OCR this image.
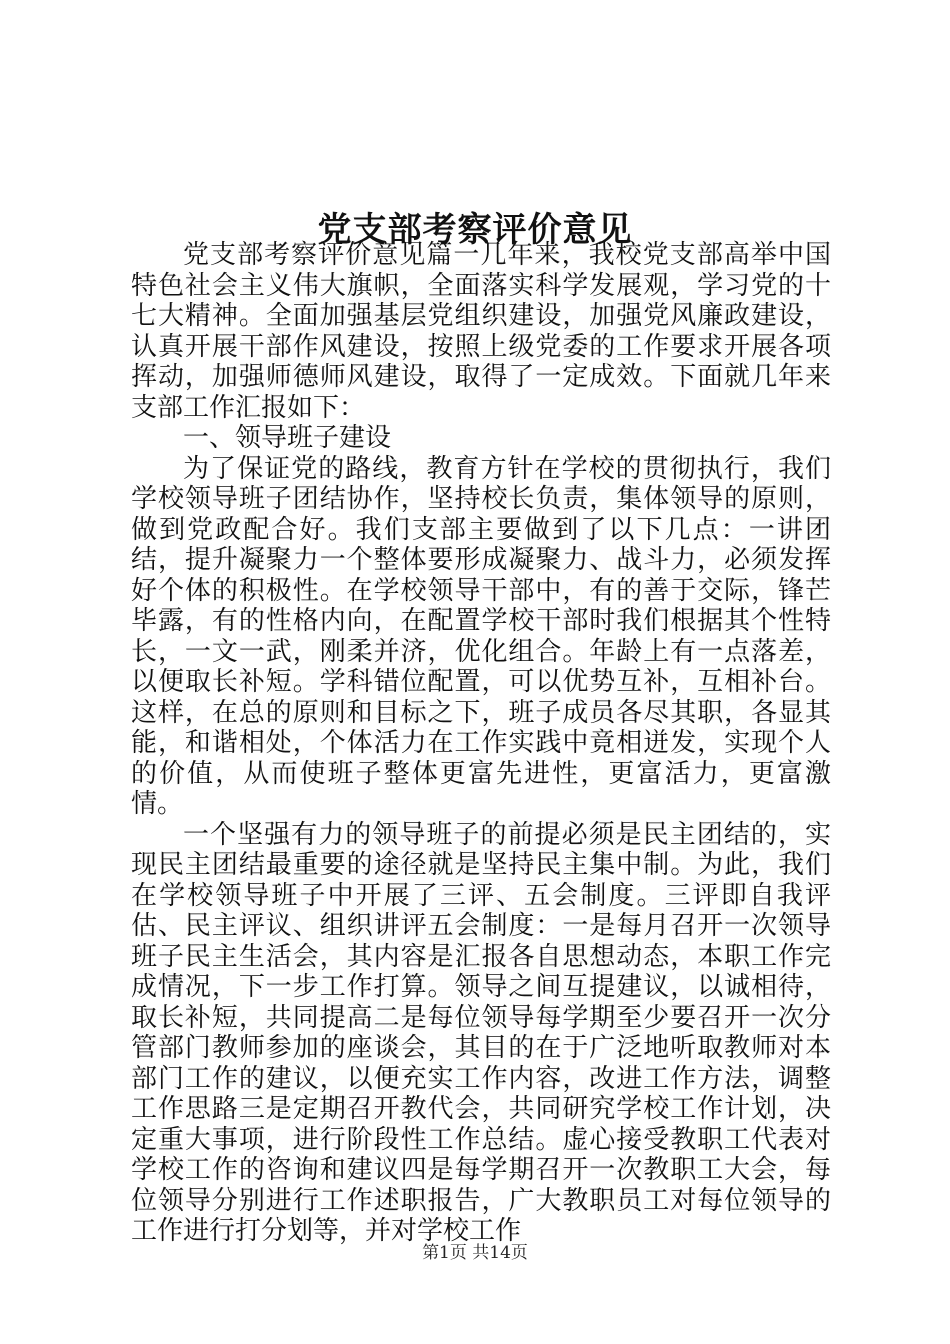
党支部考察评价意见

党支部考察评价意见篇一几年来，我校党支部高举中国特色社会主义伟大旗帜，全面落实科学发展观，学习党的十七大精神。全面加强基层党组织建设，加强党风廉政建设，认真开展干部作风建设，按照上级党委的工作要求开展各项挥动，加强师德师风建设，取得了一定成效。下面就几年来支部工作汇报如下：

一、领导班子建设

为了保证党的路线，教育方针在学校的贯彻执行，我们学校领导班子团结协作，坚持校长负责，集体领导的原则，做到党政配合好。我们支部主要做到了以下几点：一讲团结，提升凝聚力一个整体要形成凝聚力、战斗力，必须发挥好个体的积极性。在学校领导干部中，有的善于交际，锋芒毕露，有的性格内向，在配置学校干部时我们根据其个性特长，一文一武，刚柔并济，优化组合。年龄上有一点落差，以便取长补短。学科错位配置，可以优势互补，互相补台。这样，在总的原则和目标之下，班子成员各尽其职，各显其能，和谐相处，个体活力在工作实践中竟相迸发，实现个人的价值，从而使班子整体更富先进性，更富活力，更富激情。

一个坚强有力的领导班子的前提必须是民主团结的，实现民主团结最重要的途径就是坚持民主集中制。为此，我们在学校领导班子中开展了三评、五会制度。三评即自我评估、民主评议、组织讲评五会制度：一是每月召开一次领导班子民主生活会，其内容是汇报各自思想动态，本职工作完成情况，下一步工作打算。领导之间互提建议，以诚相待，取长补短，共同提高二是每位领导每学期至少要召开一次分管部门教师参加的座谈会，其目的在于广泛地听取教师对本部门工作的建议，以便充实工作内容，改进工作方法，调整工作思路三是定期召开教代会，共同研究学校工作计划，决定重大事项，进行阶段性工作总结。虚心接受教职工代表对学校工作的咨询和建议四是每学期召开一次教职工大会，每位领导分别进行工作述职报告，广大教职员工对每位领导的工作进行打分划等，并对学校工作

第1页 共14页
